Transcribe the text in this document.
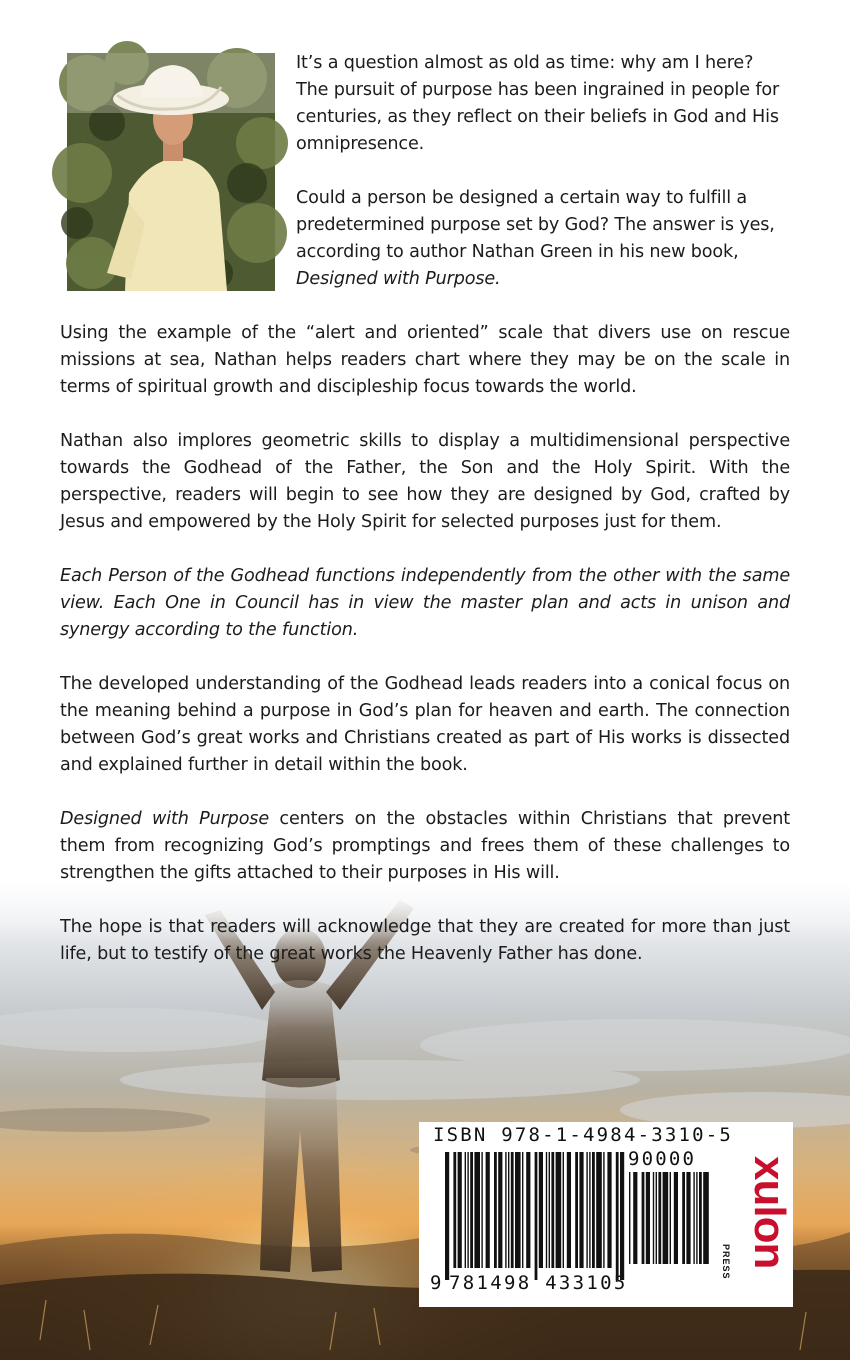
It’s a question almost as old as time: why am I here? The pursuit of purpose has been ingrained in people for centuries, as they reflect on their beliefs in God and His omnipresence.

Could a person be designed a certain way to fulfill a predetermined purpose set by God? The answer is yes, according to author Nathan Green in his new book, Designed with Purpose.

Using the example of the “alert and oriented” scale that divers use on rescue missions at sea, Nathan helps readers chart where they may be on the scale in terms of spiritual growth and discipleship focus towards the world.

Nathan also implores geometric skills to display a multidimensional perspective towards the Godhead of the Father, the Son and the Holy Spirit. With the perspective, readers will begin to see how they are designed by God, crafted by Jesus and empowered by the Holy Spirit for selected purposes just for them.

Each Person of the Godhead functions independently from the other with the same view. Each One in Council has in view the master plan and acts in unison and synergy according to the function.

The developed understanding of the Godhead leads readers into a conical focus on the meaning behind a purpose in God’s plan for heaven and earth. The connection between God’s great works and Christians created as part of His works is dissected and explained further in detail within the book.

Designed with Purpose centers on the obstacles within Christians that prevent them from recognizing God’s promptings and frees them of these challenges to strengthen the gifts attached to their purposes in His will.

The hope is that readers will acknowledge that they are created for more than just life, but to testify of the great works the Heavenly Father has done.

ISBN 978-1-4984-3310-5
90000
9 781498 433105
xulon
PRESS
